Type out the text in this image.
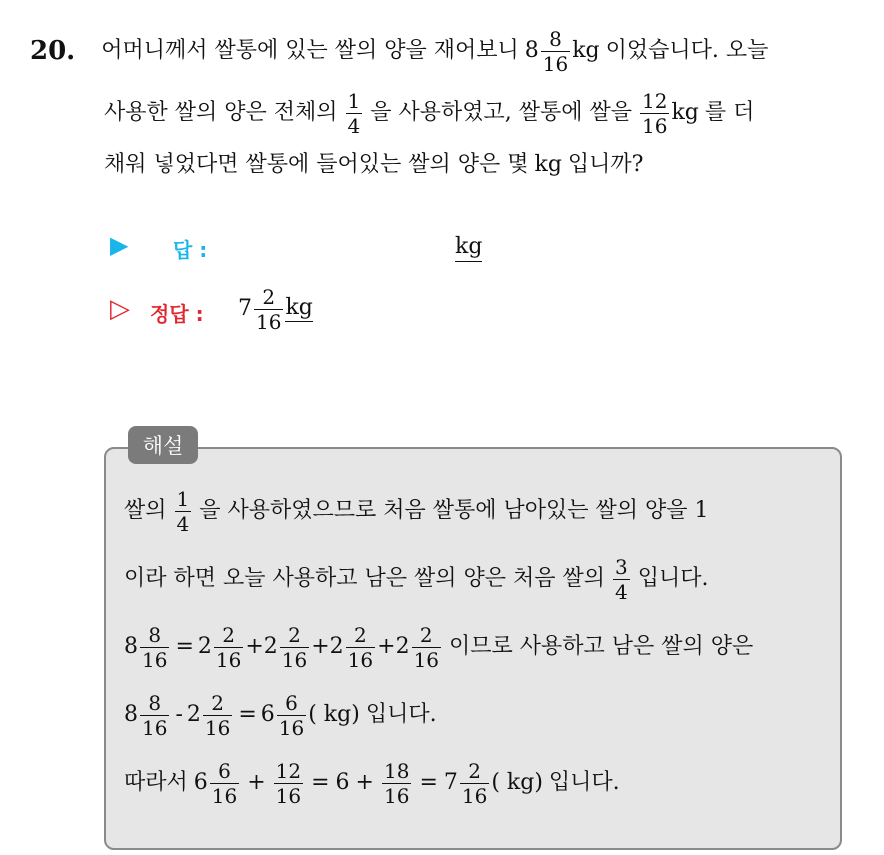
20. 어머니께서 쌀통에 있는 쌀의 양을 재어보니 $8 \frac{8}{16}$ kg 이었습니다. 오늘
사용한 쌀의 양은 전체의 $\frac{1}{4}$ 을 사용하였고, 쌀통에 쌀을 $\frac{12}{16}$ kg 를 더
채워 넣었다면 쌀통에 들어있는 쌀의 양은 몇 kg 입니까?
▶ 답 :	kg
▷ 정답 : $7 \frac{2}{16}$ kg
해설
쌀의 $\frac{1}{4}$ 을 사용하였으므로 처음 쌀통에 남아있는 쌀의 양을 1
이라 하면 오늘 사용하고 남은 쌀의 양은 처음 쌀의 $\frac{3}{4}$ 입니다.
$8 \frac{8}{16} = 2 \frac{2}{16} + 2 \frac{2}{16} + 2 \frac{2}{16} + 2 \frac{2}{16}$ 이므로 사용하고 남은 쌀의 양은
$8 \frac{8}{16} - 2 \frac{2}{16} = 6 \frac{6}{16}$ ( kg) 입니다.
따라서 $6 \frac{6}{16} + \frac{12}{16} = 6 + \frac{18}{16} = 7 \frac{2}{16}$ ( kg) 입니다.
